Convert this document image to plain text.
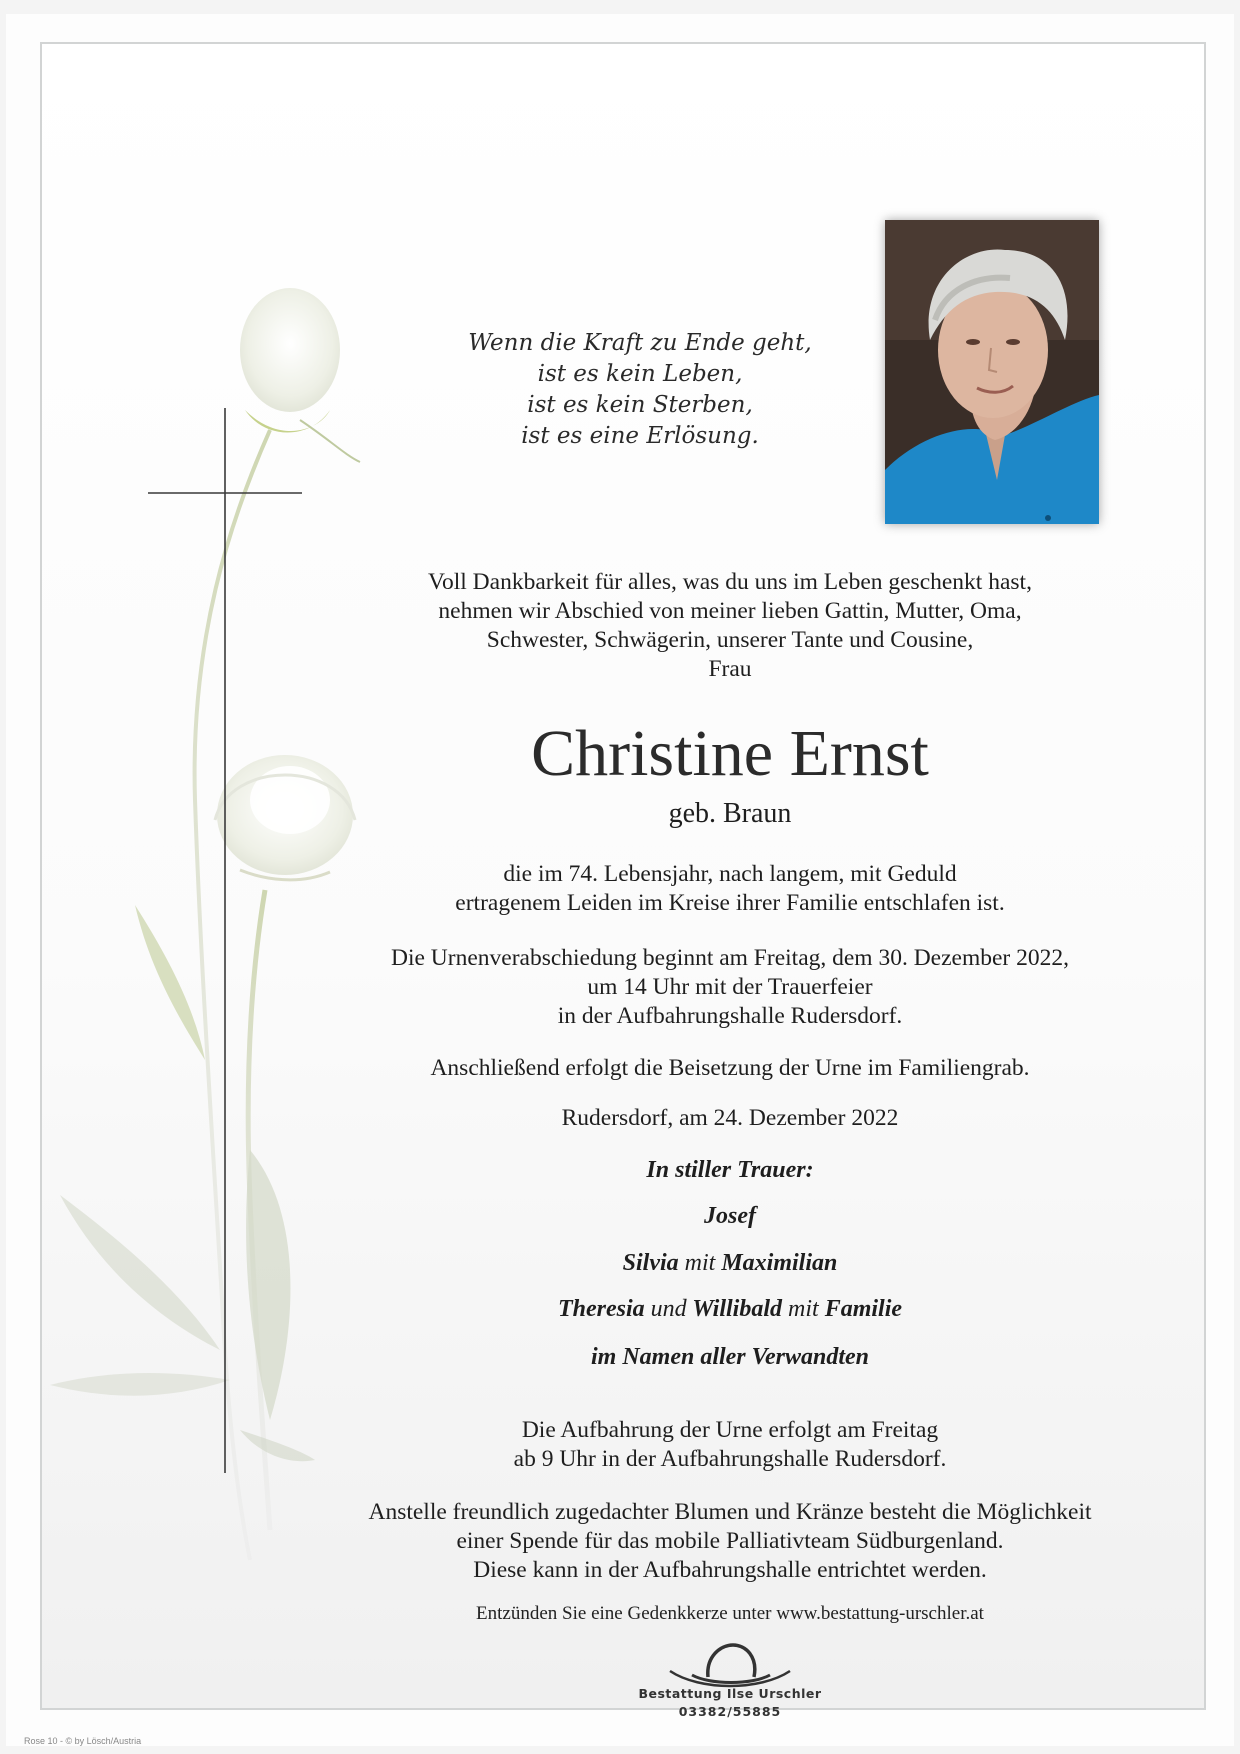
Wenn die Kraft zu Ende geht,
ist es kein Leben,
ist es kein Sterben,
ist es eine Erlösung.
Voll Dankbarkeit für alles, was du uns im Leben geschenkt hast,
nehmen wir Abschied von meiner lieben Gattin, Mutter, Oma,
Schwester, Schwägerin, unserer Tante und Cousine,
Frau
Christine Ernst
geb. Braun
die im 74. Lebensjahr, nach langem, mit Geduld
ertragenem Leiden im Kreise ihrer Familie entschlafen ist.
Die Urnenverabschiedung beginnt am Freitag, dem 30. Dezember 2022,
um 14 Uhr mit der Trauerfeier
in der Aufbahrungshalle Rudersdorf.
Anschließend erfolgt die Beisetzung der Urne im Familiengrab.
Rudersdorf, am 24. Dezember 2022
In stiller Trauer:
Josef
Silvia mit Maximilian
Theresia und Willibald mit Familie
im Namen aller Verwandten
Die Aufbahrung der Urne erfolgt am Freitag
ab 9 Uhr in der Aufbahrungshalle Rudersdorf.
Anstelle freundlich zugedachter Blumen und Kränze besteht die Möglichkeit
einer Spende für das mobile Palliativteam Südburgenland.
Diese kann in der Aufbahrungshalle entrichtet werden.
Entzünden Sie eine Gedenkkerze unter www.bestattung-urschler.at
Bestattung Ilse Urschler
03382/55885
Rose 10 - © by Lösch/Austria
